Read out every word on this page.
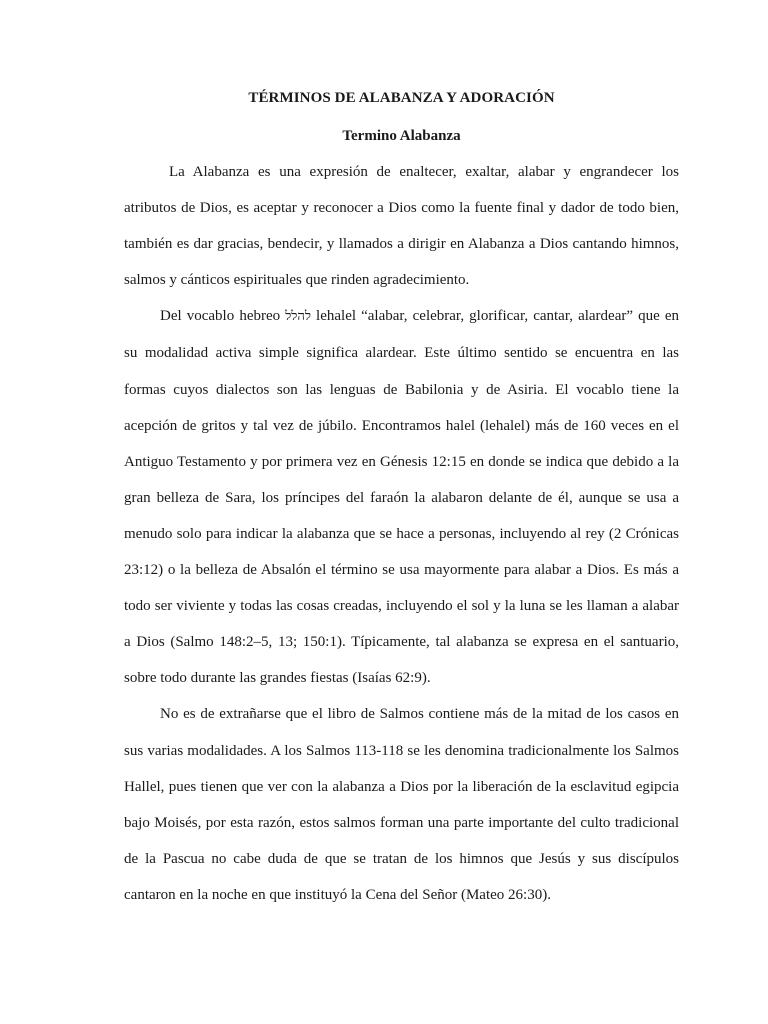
TÉRMINOS DE ALABANZA Y ADORACIÓN
Termino Alabanza

La Alabanza es una expresión de enaltecer, exaltar, alabar y engrandecer los atributos de Dios, es aceptar y reconocer a Dios como la fuente final y dador de todo bien, también es dar gracias, bendecir, y llamados a dirigir en Alabanza a Dios cantando himnos, salmos y cánticos espirituales que rinden agradecimiento.

Del vocablo hebreo להלל lehalel “alabar, celebrar, glorificar, cantar, alardear” que en su modalidad activa simple significa alardear. Este último sentido se encuentra en las formas cuyos dialectos son las lenguas de Babilonia y de Asiria. El vocablo tiene la acepción de gritos y tal vez de júbilo. Encontramos halel (lehalel) más de 160 veces en el Antiguo Testamento y por primera vez en Génesis 12:15 en donde se indica que debido a la gran belleza de Sara, los príncipes del faraón la alabaron delante de él, aunque se usa a menudo solo para indicar la alabanza que se hace a personas, incluyendo al rey (2 Crónicas 23:12) o la belleza de Absalón el término se usa mayormente para alabar a Dios. Es más a todo ser viviente y todas las cosas creadas, incluyendo el sol y la luna se les llaman a alabar a Dios (Salmo 148:2–5, 13; 150:1). Típicamente, tal alabanza se expresa en el santuario, sobre todo durante las grandes fiestas (Isaías 62:9).

No es de extrañarse que el libro de Salmos contiene más de la mitad de los casos en sus varias modalidades. A los Salmos 113-118 se les denomina tradicionalmente los Salmos Hallel, pues tienen que ver con la alabanza a Dios por la liberación de la esclavitud egipcia bajo Moisés, por esta razón, estos salmos forman una parte importante del culto tradicional de la Pascua no cabe duda de que se tratan de los himnos que Jesús y sus discípulos cantaron en la noche en que instituyó la Cena del Señor (Mateo 26:30).
